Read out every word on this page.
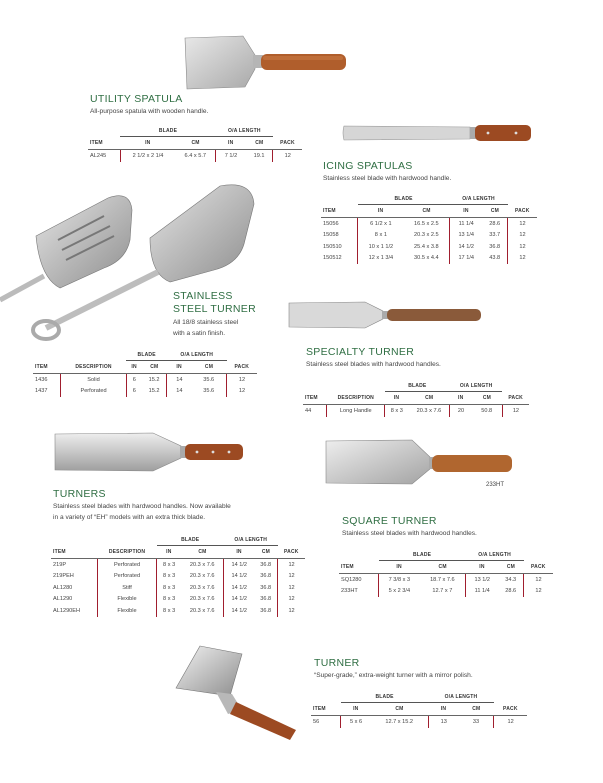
233HT
UTILITY SPATULA
All-purpose spatula with wooden handle.
	BLADE		O/A LENGTH		
ITEM	IN	CM	IN	CM	PACK
AL245	2 1/2 x 2 1/4	6.4 x 5.7	7 1/2	19.1	12
ICING SPATULAS
Stainless steel blade with hardwood handle.
	BLADE		O/A LENGTH		
ITEM	IN	CM	IN	CM	PACK
15056	6 1/2 x 1	16.5 x 2.5	11 1/4	28.6	12
15058	8 x 1	20.3 x 2.5	13 1/4	33.7	12
150510	10 x 1 1/2	25.4 x 3.8	14 1/2	36.8	12
150512	12 x 1 3/4	30.5 x 4.4	17 1/4	43.8	12
STAINLESS
STEEL TURNER
All 18/8 stainless steel
with a satin finish.
		BLADE		O/A LENGTH		
ITEM	DESCRIPTION	IN	CM	IN	CM	PACK
1436	Solid	6	15.2	14	35.6	12
1437	Perforated	6	15.2	14	35.6	12
SPECIALTY TURNER
Stainless steel blades with hardwood handles.
		BLADE		O/A LENGTH		
ITEM	DESCRIPTION	IN	CM	IN	CM	PACK
44	Long Handle	8 x 3	20.3 x 7.6	20	50.8	12
TURNERS
Stainless steel blades with hardwood handles. Now available
in a variety of “EH” models with an extra thick blade.
		BLADE		O/A LENGTH		
ITEM	DESCRIPTION	IN	CM	IN	CM	PACK
219P	Perforated	8 x 3	20.3 x 7.6	14 1/2	36.8	12
219PEH	Perforated	8 x 3	20.3 x 7.6	14 1/2	36.8	12
AL1280	Stiff	8 x 3	20.3 x 7.6	14 1/2	36.8	12
AL1290	Flexible	8 x 3	20.3 x 7.6	14 1/2	36.8	12
AL1290EH	Flexible	8 x 3	20.3 x 7.6	14 1/2	36.8	12
SQUARE TURNER
Stainless steel blades with hardwood handles.
	BLADE		O/A LENGTH		
ITEM	IN	CM	IN	CM	PACK
SQ1280	7 3/8 x 3	18.7 x 7.6	13 1/2	34.3	12
233HT	5 x 2 3/4	12.7 x 7	11 1/4	28.6	12
TURNER
“Super-grade,” extra-weight turner with a mirror polish.
	BLADE		O/A LENGTH		
ITEM	IN	CM	IN	CM	PACK
56	5 x 6	12.7 x 15.2	13	33	12
